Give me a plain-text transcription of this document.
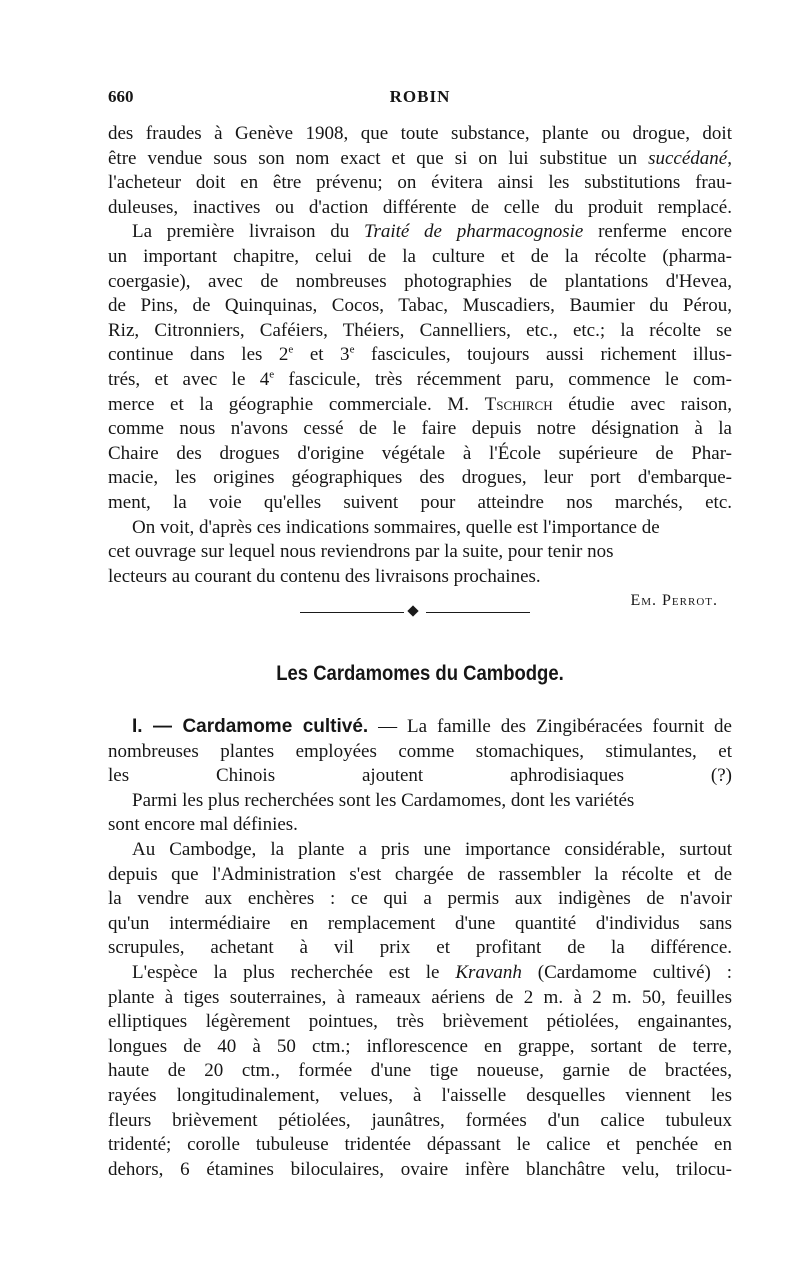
660	ROBIN

des fraudes à Genève 1908, que toute substance, plante ou drogue, doit
être vendue sous son nom exact et que si on lui substitue un succédané,
l'acheteur doit en être prévenu; on évitera ainsi les substitutions frau-
duleuses, inactives ou d'action différente de celle du produit remplacé.

La première livraison du Traité de pharmacognosie renferme encore
un important chapitre, celui de la culture et de la récolte (pharma-
coergasie), avec de nombreuses photographies de plantations d'Hevea,
de Pins, de Quinquinas, Cocos, Tabac, Muscadiers, Baumier du Pérou,
Riz, Citronniers, Caféiers, Théiers, Cannelliers, etc., etc.; la récolte se
continue dans les 2e et 3e fascicules, toujours aussi richement illus-
trés, et avec le 4e fascicule, très récemment paru, commence le com-
merce et la géographie commerciale. M. Tschirch étudie avec raison,
comme nous n'avons cessé de le faire depuis notre désignation à la
Chaire des drogues d'origine végétale à l'École supérieure de Phar-
macie, les origines géographiques des drogues, leur port d'embarque-
ment, la voie qu'elles suivent pour atteindre nos marchés, etc.

On voit, d'après ces indications sommaires, quelle est l'importance de
cet ouvrage sur lequel nous reviendrons par la suite, pour tenir nos
lecteurs au courant du contenu des livraisons prochaines.

Em. Perrot.

Les Cardamomes du Cambodge.

I. — Cardamome cultivé. — La famille des Zingibéracées fournit de
nombreuses plantes employées comme stomachiques, stimulantes, et
les Chinois ajoutent aphrodisiaques (?)

Parmi les plus recherchées sont les Cardamomes, dont les variétés
sont encore mal définies.

Au Cambodge, la plante a pris une importance considérable, surtout
depuis que l'Administration s'est chargée de rassembler la récolte et de
la vendre aux enchères : ce qui a permis aux indigènes de n'avoir
qu'un intermédiaire en remplacement d'une quantité d'individus sans
scrupules, achetant à vil prix et profitant de la différence.

L'espèce la plus recherchée est le Kravanh (Cardamome cultivé) :
plante à tiges souterraines, à rameaux aériens de 2 m. à 2 m. 50, feuilles
elliptiques légèrement pointues, très brièvement pétiolées, engainantes,
longues de 40 à 50 ctm.; inflorescence en grappe, sortant de terre,
haute de 20 ctm., formée d'une tige noueuse, garnie de bractées,
rayées longitudinalement, velues, à l'aisselle desquelles viennent les
fleurs brièvement pétiolées, jaunâtres, formées d'un calice tubuleux
tridenté; corolle tubuleuse tridentée dépassant le calice et penchée en
dehors, 6 étamines biloculaires, ovaire infère blanchâtre velu, trilocu-
